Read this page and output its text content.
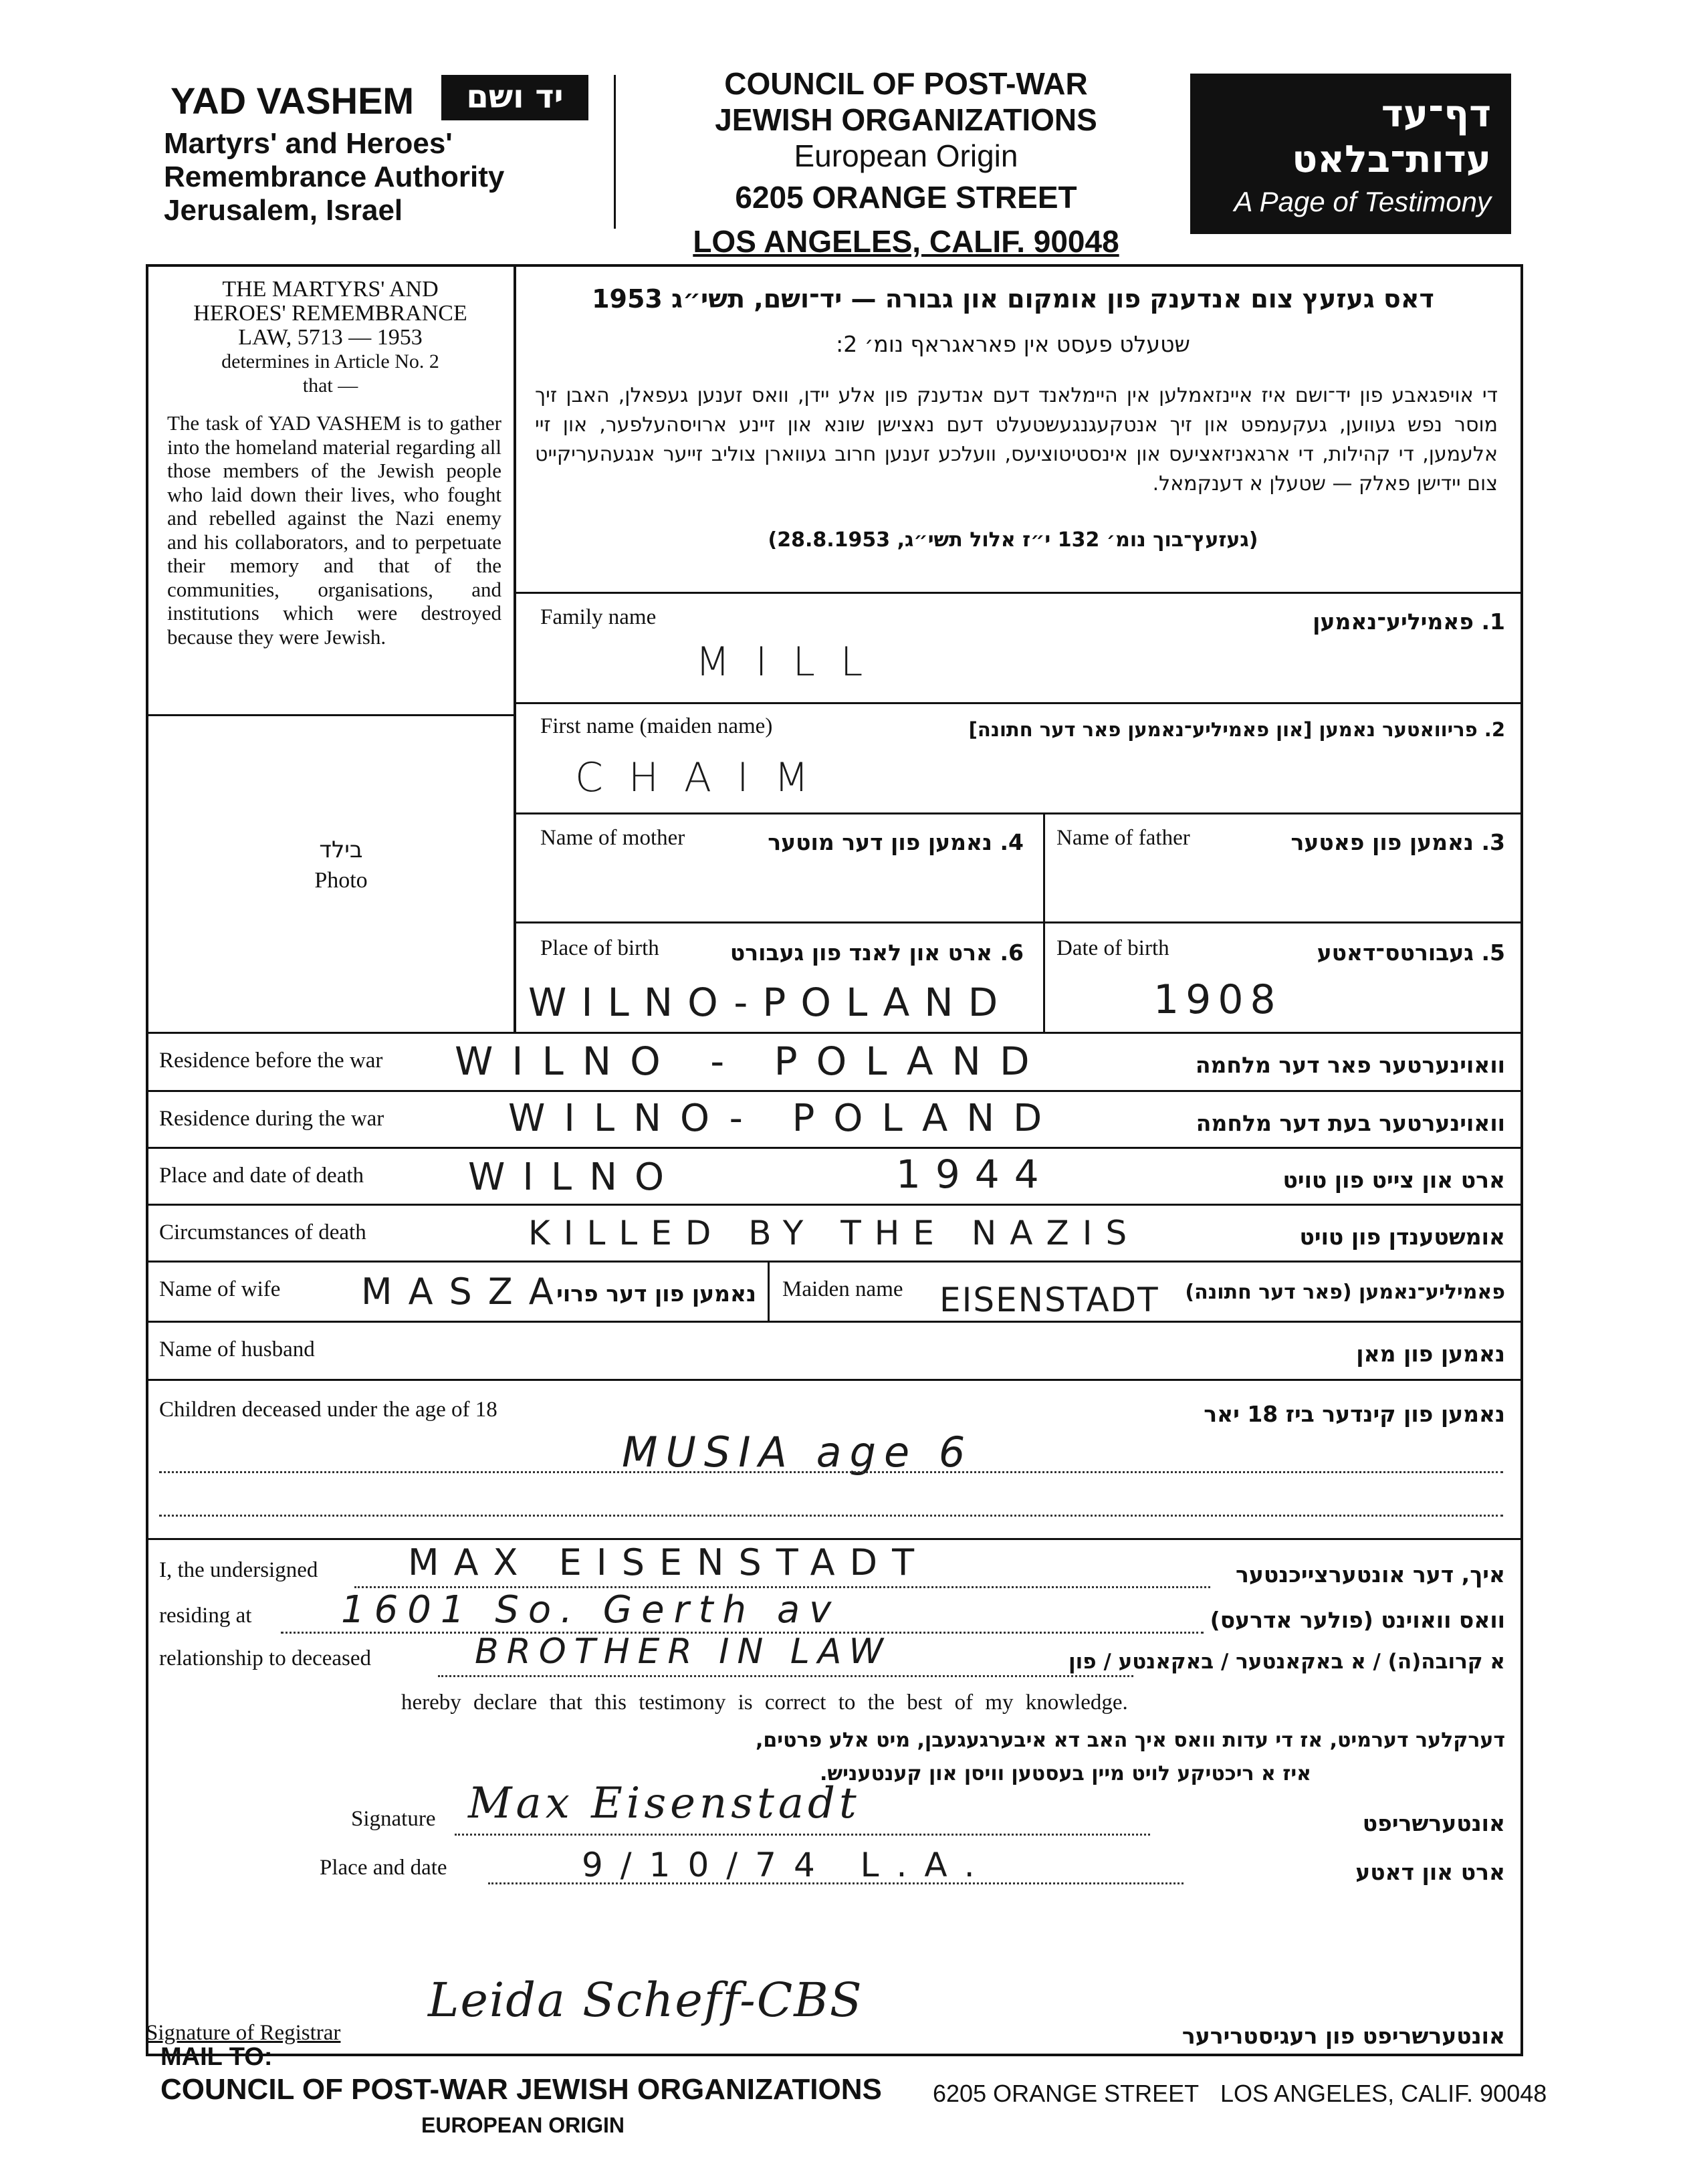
YAD VASHEM	יד ושם
Martyrs' and Heroes'
Remembrance Authority
Jerusalem, Israel
COUNCIL OF POST-WAR
JEWISH ORGANIZATIONS
European Origin
6205 ORANGE STREET
LOS ANGELES, CALIF. 90048
דף־עד
עדות־בלאט
A Page of Testimony
THE MARTYRS' AND
HEROES' REMEMBRANCE
LAW, 5713 — 1953
determines in Article No. 2
that —
The task of YAD VASHEM is to gather into the homeland material regarding all those members of the Jewish people who laid down their lives, who fought and rebelled against the Nazi enemy and his collaborators, and to perpetuate their memory and that of the communities, organisations, and institutions which were destroyed because they were Jewish.
בילד
Photo
דאס געזעץ צום אנדענק פון אומקום און גבורה — יד־ושם, תשי״ג 1953
שטעלט פעסט אין פאראגראף נומ׳ 2:
די אויפגאבע פון יד־ושם איז איינזאמלען אין היימלאנד דעם אנדענק פון אלע יידן, וואס זענען געפאלן, האבן זיך מוסר נפש געווען, געקעמפט און זיך אנטקעגנגעשטעלט דעם נאצישן שונא און זיינע ארויסהעלפער, און זיי אלעמען, די קהילות, די ארגאניזאציעס און אינסטיטוציעס, וועלכע זענען חרוב געווארן צוליב זייער אנגעהעריקייט צום יידישן פאלק — שטעלן א דענקמאל.
(געזעץ־בוך נומ׳ 132 י״ז אלול תשי״ג, 28.8.1953)
Family name	1. פאמיליע־נאמען
MILL
First name (maiden name)	2. פריוואטער נאמען [און פאמיליע־נאמען פאר דער חתונה]
CHAIM
Name of mother	4. נאמען פון דער מוטער Name of father	3. נאמען פון פאטער
Place of birth	6. ארט און לאנד פון געבורט
WILNO-POLAND
Date of birth	5. געבורטס־דאטע
1908
Residence before the war	וואוינערטער פאר דער מלחמה
WILNO - POLAND
Residence during the war	וואוינערטער בעת דער מלחמה
WILNO- POLAND
Place and date of death	ארט און צייט פון טויט
WILNO	1944
Circumstances of death	אומשטענדן פון טויט
KILLED BY THE NAZIS
Name of wife	נאמען פון דער פרוי
MASZA	Maiden name	פאמיליע־נאמען (פאר דער חתונה)
EISENSTADT
Name of husband	נאמען פון מאן
Children deceased under the age of 18	נאמען פון קינדער ביז 18 יאר
MUSIA age 6
I, the undersigned	איך, דער אונטערצייכנטער
MAX EISENSTADT
residing at	וואס וואוינט (פולער אדרעס)
1601 So. Gerth av
relationship to deceased	א קרובה(ה) / א באקאנטער / באקאנטע / פון
BROTHER IN LAW
hereby declare that this testimony is correct to the best of my knowledge.
דערקלער דערמיט, אז די עדות וואס איך האב דא איבערגעגעבן, מיט אלע פרטים,
איז א ריכטיקע לויט מיין בעסטען וויסן און קענטעניש.
Signature	אונטערשריפט
Max Eisenstadt
Place and date	ארט און דאטע
9/10/74 L.A.
Signature of Registrar	אונטערשריפט פון רעגיסטרירער
Leida Scheff-CBS
MAIL TO:
COUNCIL OF POST-WAR JEWISH ORGANIZATIONS
EUROPEAN ORIGIN
6205 ORANGE STREET LOS ANGELES, CALIF. 90048
